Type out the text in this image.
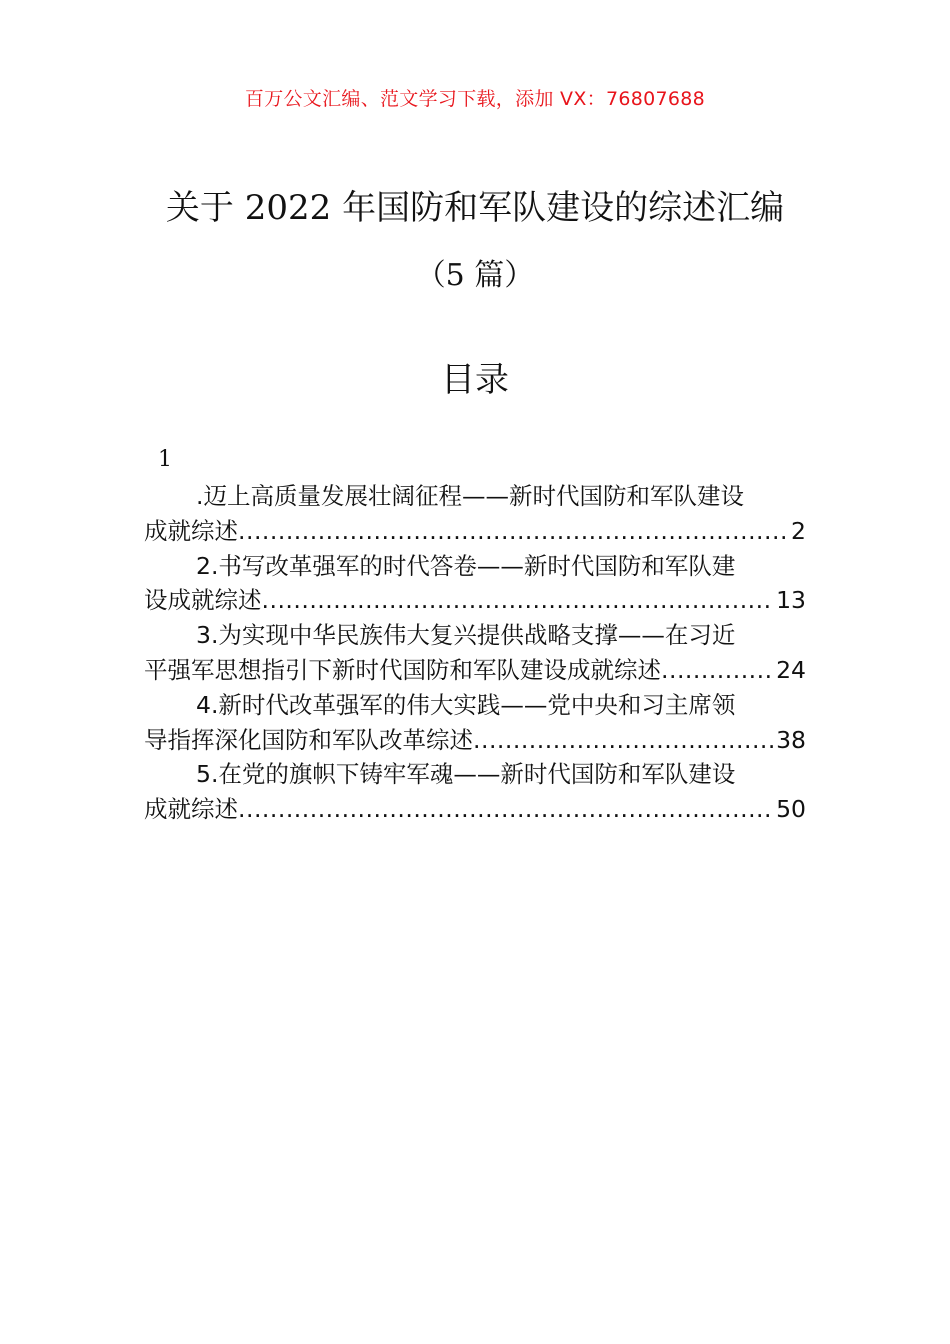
百万公文汇编、范文学习下载，添加 VX：76807688
关于 2022 年国防和军队建设的综述汇编
（5 篇）
目录
1
.迈上高质量发展壮阔征程——新时代国防和军队建设
成就综述 .....	2
2.书写改革强军的时代答卷——新时代国防和军队建
设成就综述 .....	13
3.为实现中华民族伟大复兴提供战略支撑——在习近
平强军思想指引下新时代国防和军队建设成就综述 .....	24
4.新时代改革强军的伟大实践——党中央和习主席领
导指挥深化国防和军队改革综述 .....	38
5.在党的旗帜下铸牢军魂——新时代国防和军队建设
成就综述 .....	50
